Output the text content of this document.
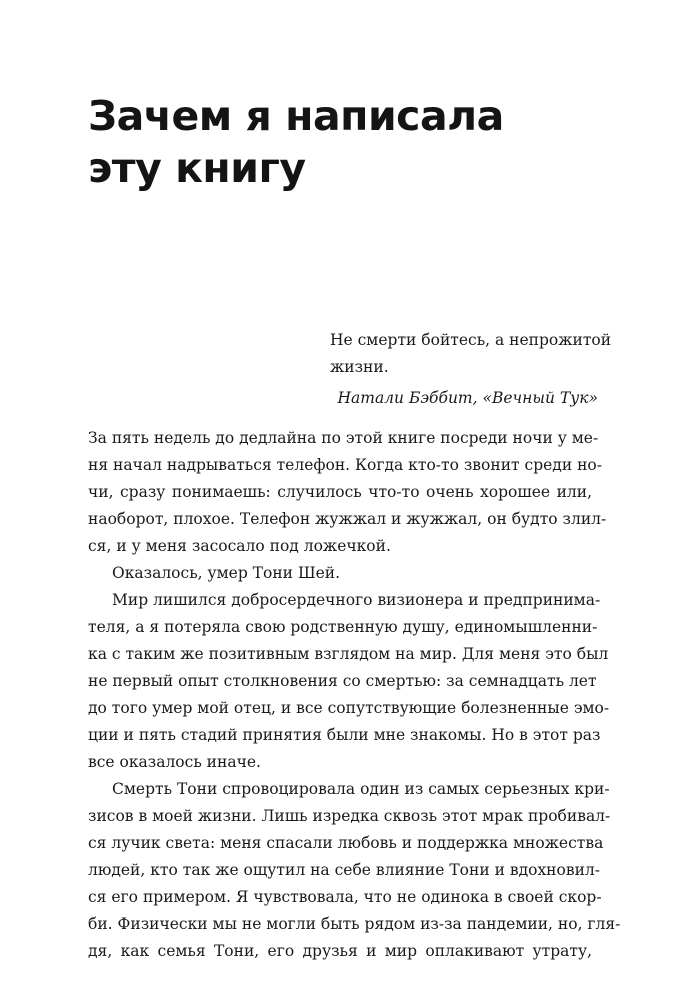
Зачем я написала
эту книгу
Не смерти бойтесь, а непрожитой
жизни.
Натали Бэббит, «Вечный Тук»
За пять недель до дедлайна по этой книге посреди ночи у ме-
ня начал надрываться телефон. Когда кто-то звонит среди но-
чи, сразу понимаешь: случилось что-то очень хорошее или,
наоборот, плохое. Телефон жужжал и жужжал, он будто злил-
ся, и у меня засосало под ложечкой.
Оказалось, умер Тони Шей.
Мир лишился добросердечного визионера и предпринима-
теля, а я потеряла свою родственную душу, единомышленни-
ка с таким же позитивным взглядом на мир. Для меня это был
не первый опыт столкновения со смертью: за семнадцать лет
до того умер мой отец, и все сопутствующие болезненные эмо-
ции и пять стадий принятия были мне знакомы. Но в этот раз
все оказалось иначе.
Смерть Тони спровоцировала один из самых серьезных кри-
зисов в моей жизни. Лишь изредка сквозь этот мрак пробивал-
ся лучик света: меня спасали любовь и поддержка множества
людей, кто так же ощутил на себе влияние Тони и вдохновил-
ся его примером. Я чувствовала, что не одинока в своей скор-
би. Физически мы не могли быть рядом из-за пандемии, но, гля-
дя, как семья Тони, его друзья и мир оплакивают утрату,
